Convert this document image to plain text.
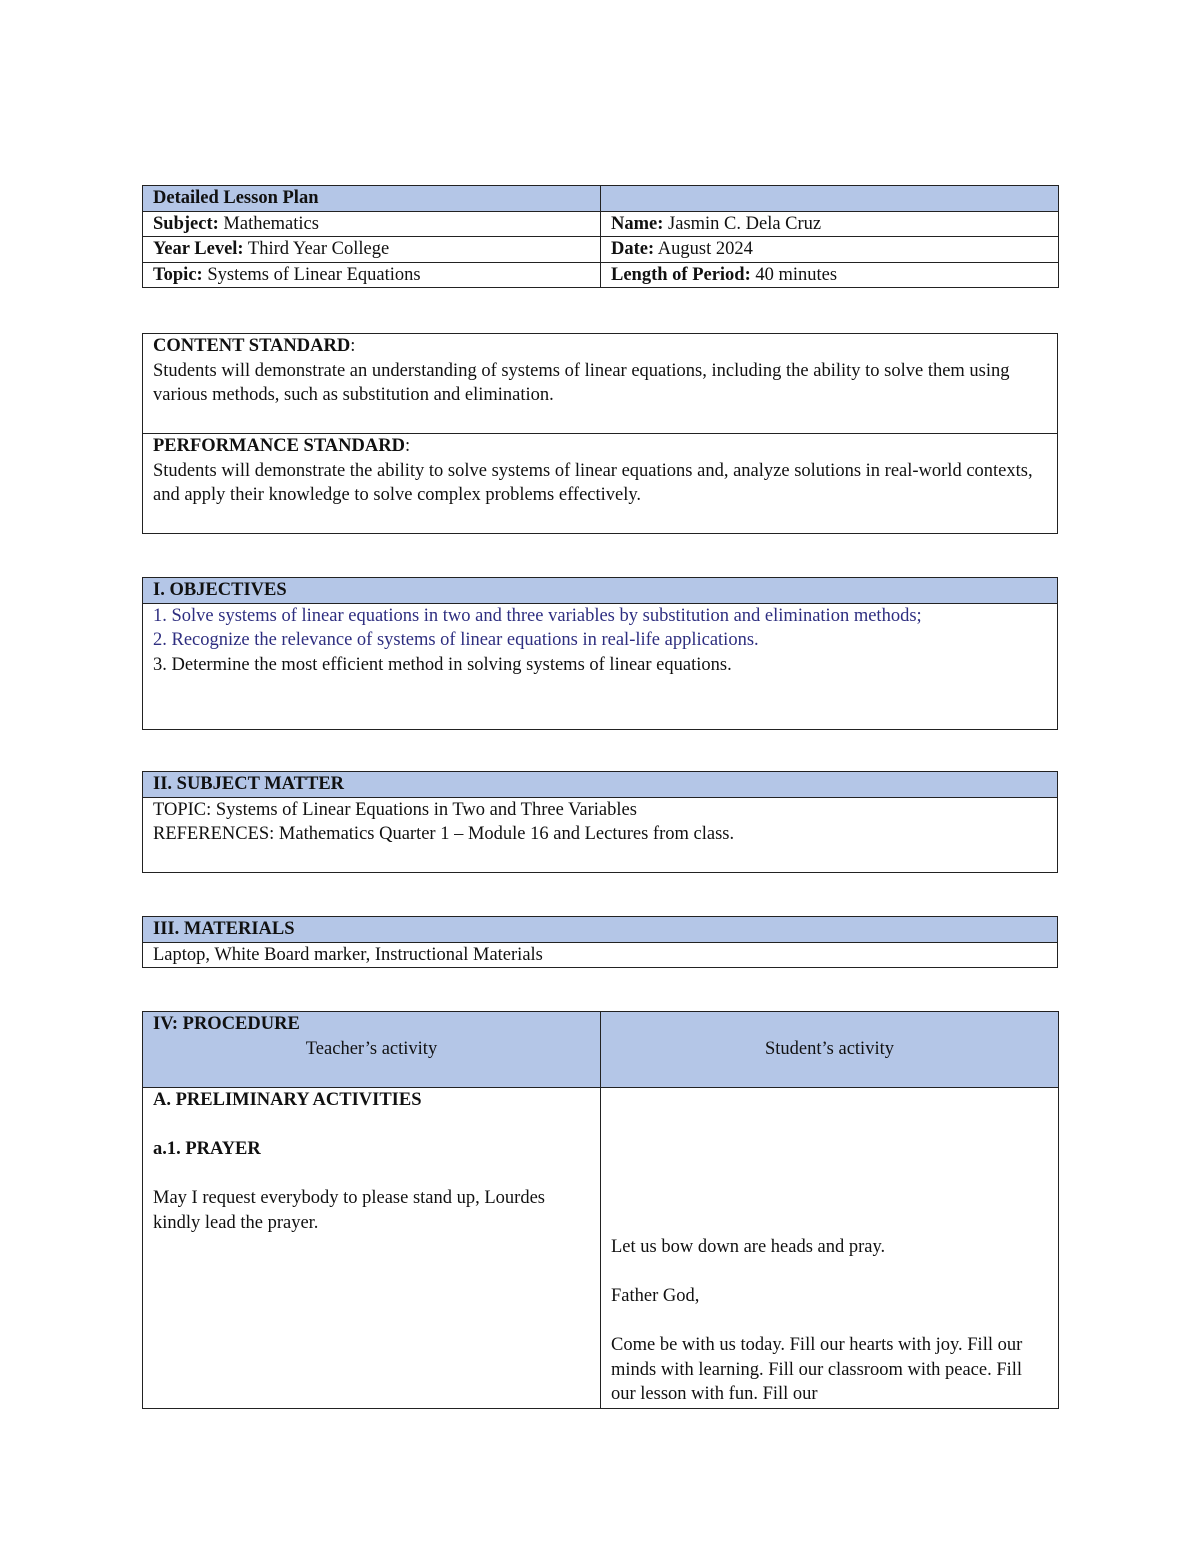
Detailed Lesson Plan	
Subject: Mathematics	Name: Jasmin C. Dela Cruz
Year Level: Third Year College	Date: August 2024
Topic: Systems of Linear Equations	Length of Period: 40 minutes
CONTENT STANDARD:
Students will demonstrate an understanding of systems of linear equations, including the ability to solve them using various methods, such as substitution and elimination.

PERFORMANCE STANDARD:
Students will demonstrate the ability to solve systems of linear equations and, analyze solutions in real-world contexts, and apply their knowledge to solve complex problems effectively.
I. OBJECTIVES

1. Solve systems of linear equations in two and three variables by substitution and elimination methods;
2. Recognize the relevance of systems of linear equations in real-life applications.
3. Determine the most efficient method in solving systems of linear equations.
II. SUBJECT MATTER

TOPIC: Systems of Linear Equations in Two and Three Variables
REFERENCES: Mathematics Quarter 1 – Module 16 and Lectures from class.
III. MATERIALS
Laptop, White Board marker, Instructional Materials
IV: PROCEDURE
Teacher’s activity	Student’s activity

A. PRELIMINARY ACTIVITIES
a.1. PRAYER
May I request everybody to please stand up, Lourdes kindly lead the prayer.	Let us bow down are heads and pray.
Father God,
Come be with us today. Fill our hearts with joy. Fill our minds with learning. Fill our classroom with peace. Fill our lesson with fun. Fill our
